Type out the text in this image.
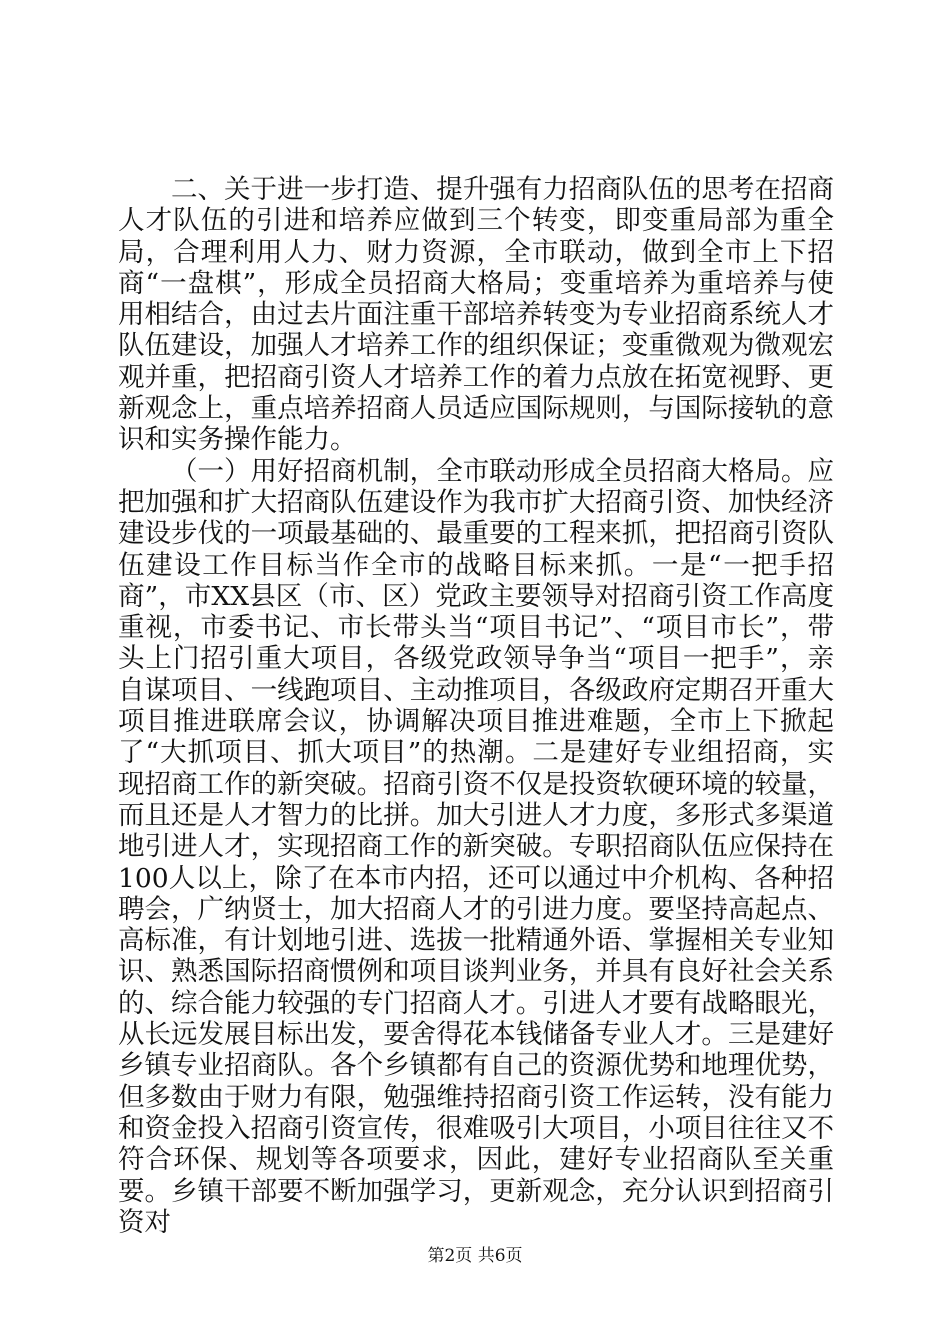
二、关于进一步打造、提升强有力招商队伍的思考在招商人才队伍的引进和培养应做到三个转变，即变重局部为重全局，合理利用人力、财力资源，全市联动，做到全市上下招商“一盘棋”，形成全员招商大格局；变重培养为重培养与使用相结合，由过去片面注重干部培养转变为专业招商系统人才队伍建设，加强人才培养工作的组织保证；变重微观为微观宏观并重，把招商引资人才培养工作的着力点放在拓宽视野、更新观念上，重点培养招商人员适应国际规则，与国际接轨的意识和实务操作能力。

（一）用好招商机制，全市联动形成全员招商大格局。应把加强和扩大招商队伍建设作为我市扩大招商引资、加快经济建设步伐的一项最基础的、最重要的工程来抓，把招商引资队伍建设工作目标当作全市的战略目标来抓。一是“一把手招商”，市XX县区（市、区）党政主要领导对招商引资工作高度重视，市委书记、市长带头当“项目书记”、“项目市长”，带头上门招引重大项目，各级党政领导争当“项目一把手”，亲自谋项目、一线跑项目、主动推项目，各级政府定期召开重大项目推进联席会议，协调解决项目推进难题，全市上下掀起了“大抓项目、抓大项目”的热潮。二是建好专业组招商，实现招商工作的新突破。招商引资不仅是投资软硬环境的较量，而且还是人才智力的比拼。加大引进人才力度，多形式多渠道地引进人才，实现招商工作的新突破。专职招商队伍应保持在100人以上，除了在本市内招，还可以通过中介机构、各种招聘会，广纳贤士，加大招商人才的引进力度。要坚持高起点、高标准，有计划地引进、选拔一批精通外语、掌握相关专业知识、熟悉国际招商惯例和项目谈判业务，并具有良好社会关系的、综合能力较强的专门招商人才。引进人才要有战略眼光，从长远发展目标出发，要舍得花本钱储备专业人才。三是建好乡镇专业招商队。各个乡镇都有自己的资源优势和地理优势，但多数由于财力有限，勉强维持招商引资工作运转，没有能力和资金投入招商引资宣传，很难吸引大项目，小项目往往又不符合环保、规划等各项要求，因此，建好专业招商队至关重要。乡镇干部要不断加强学习，更新观念，充分认识到招商引资对

第2页 共6页
